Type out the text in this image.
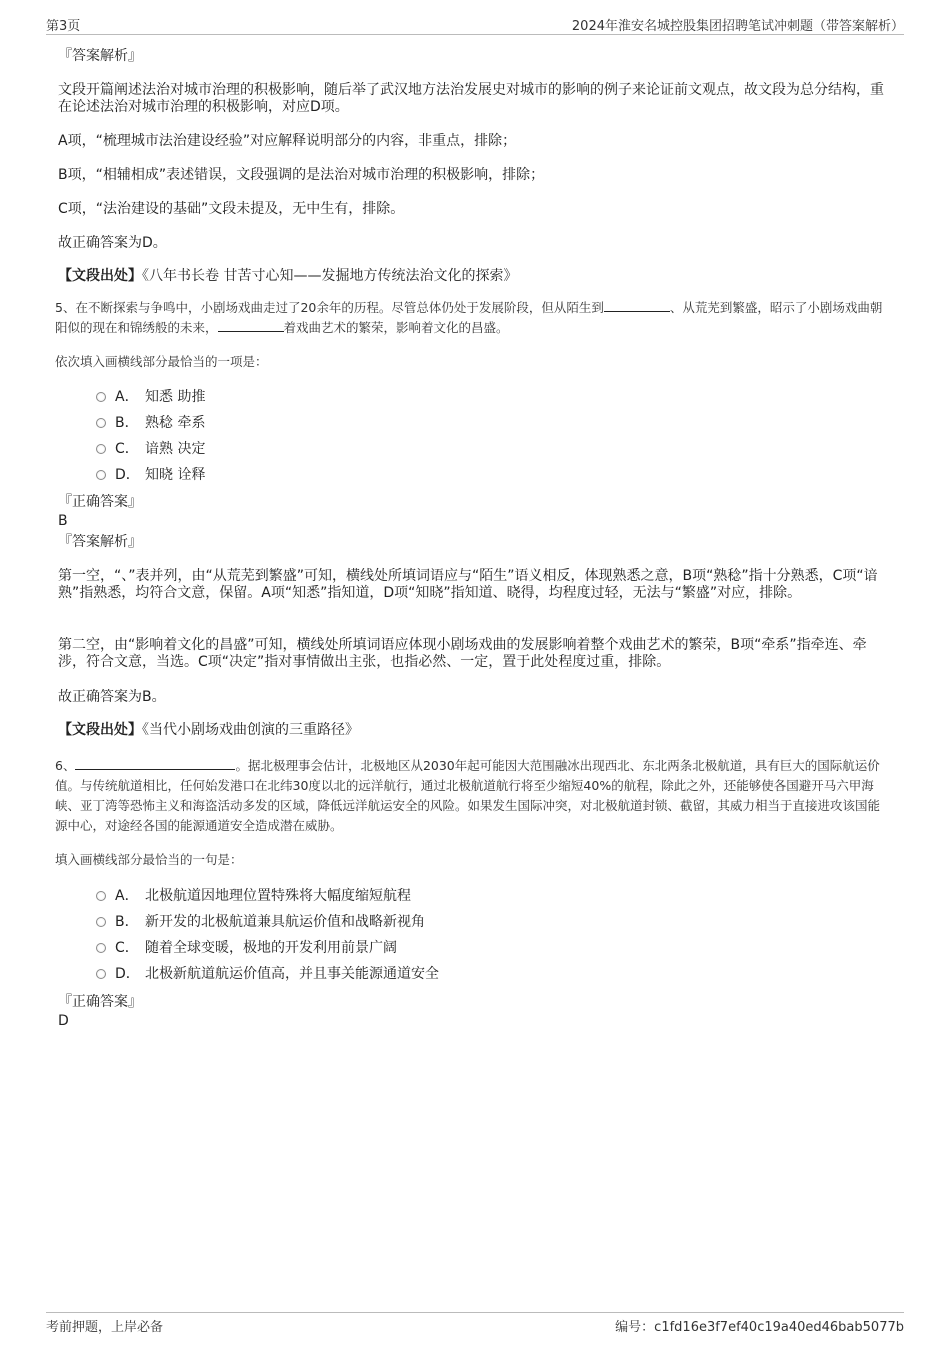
第3页	2024年淮安名城控股集团招聘笔试冲刺题（带答案解析）
『答案解析』
文段开篇阐述法治对城市治理的积极影响，随后举了武汉地方法治发展史对城市的影响的例子来论证前文观点，故文段为总分结构，重在论述法治对城市治理的积极影响，对应D项。
A项，“梳理城市法治建设经验”对应解释说明部分的内容，非重点，排除；
B项，“相辅相成”表述错误，文段强调的是法治对城市治理的积极影响，排除；
C项，“法治建设的基础”文段未提及，无中生有，排除。
故正确答案为D。
【文段出处】《八年书长卷 甘苦寸心知——发掘地方传统法治文化的探索》
5、在不断探索与争鸣中，小剧场戏曲走过了20余年的历程。尽管总体仍处于发展阶段，但从陌生到	、从荒芜到繁盛，昭示了小剧场戏曲朝阳似的现在和锦绣般的未来，	着戏曲艺术的繁荣，影响着文化的昌盛。
依次填入画横线部分最恰当的一项是：
A． 知悉 助推
B． 熟稔 牵系
C． 谙熟 决定
D． 知晓 诠释
『正确答案』
B
『答案解析』
第一空，“、”表并列，由“从荒芜到繁盛”可知，横线处所填词语应与“陌生”语义相反，体现熟悉之意，B项“熟稔”指十分熟悉，C项“谙熟”指熟悉，均符合文意，保留。A项“知悉”指知道，D项“知晓”指知道、晓得，均程度过轻，无法与“繁盛”对应，排除。
第二空，由“影响着文化的昌盛”可知，横线处所填词语应体现小剧场戏曲的发展影响着整个戏曲艺术的繁荣，B项“牵系”指牵连、牵涉，符合文意，当选。C项“决定”指对事情做出主张，也指必然、一定，置于此处程度过重，排除。
故正确答案为B。
【文段出处】《当代小剧场戏曲创演的三重路径》
6、	。据北极理事会估计，北极地区从2030年起可能因大范围融冰出现西北、东北两条北极航道，具有巨大的国际航运价值。与传统航道相比，任何始发港口在北纬30度以北的远洋航行，通过北极航道航行将至少缩短40%的航程，除此之外，还能够使各国避开马六甲海峡、亚丁湾等恐怖主义和海盗活动多发的区域，降低远洋航运安全的风险。如果发生国际冲突，对北极航道封锁、截留，其威力相当于直接进攻该国能源中心，对途经各国的能源通道安全造成潜在威胁。
填入画横线部分最恰当的一句是：
A． 北极航道因地理位置特殊将大幅度缩短航程
B． 新开发的北极航道兼具航运价值和战略新视角
C． 随着全球变暖，极地的开发利用前景广阔
D． 北极新航道航运价值高，并且事关能源通道安全
『正确答案』
D
考前押题，上岸必备	编号：c1fd16e3f7ef40c19a40ed46bab5077b
